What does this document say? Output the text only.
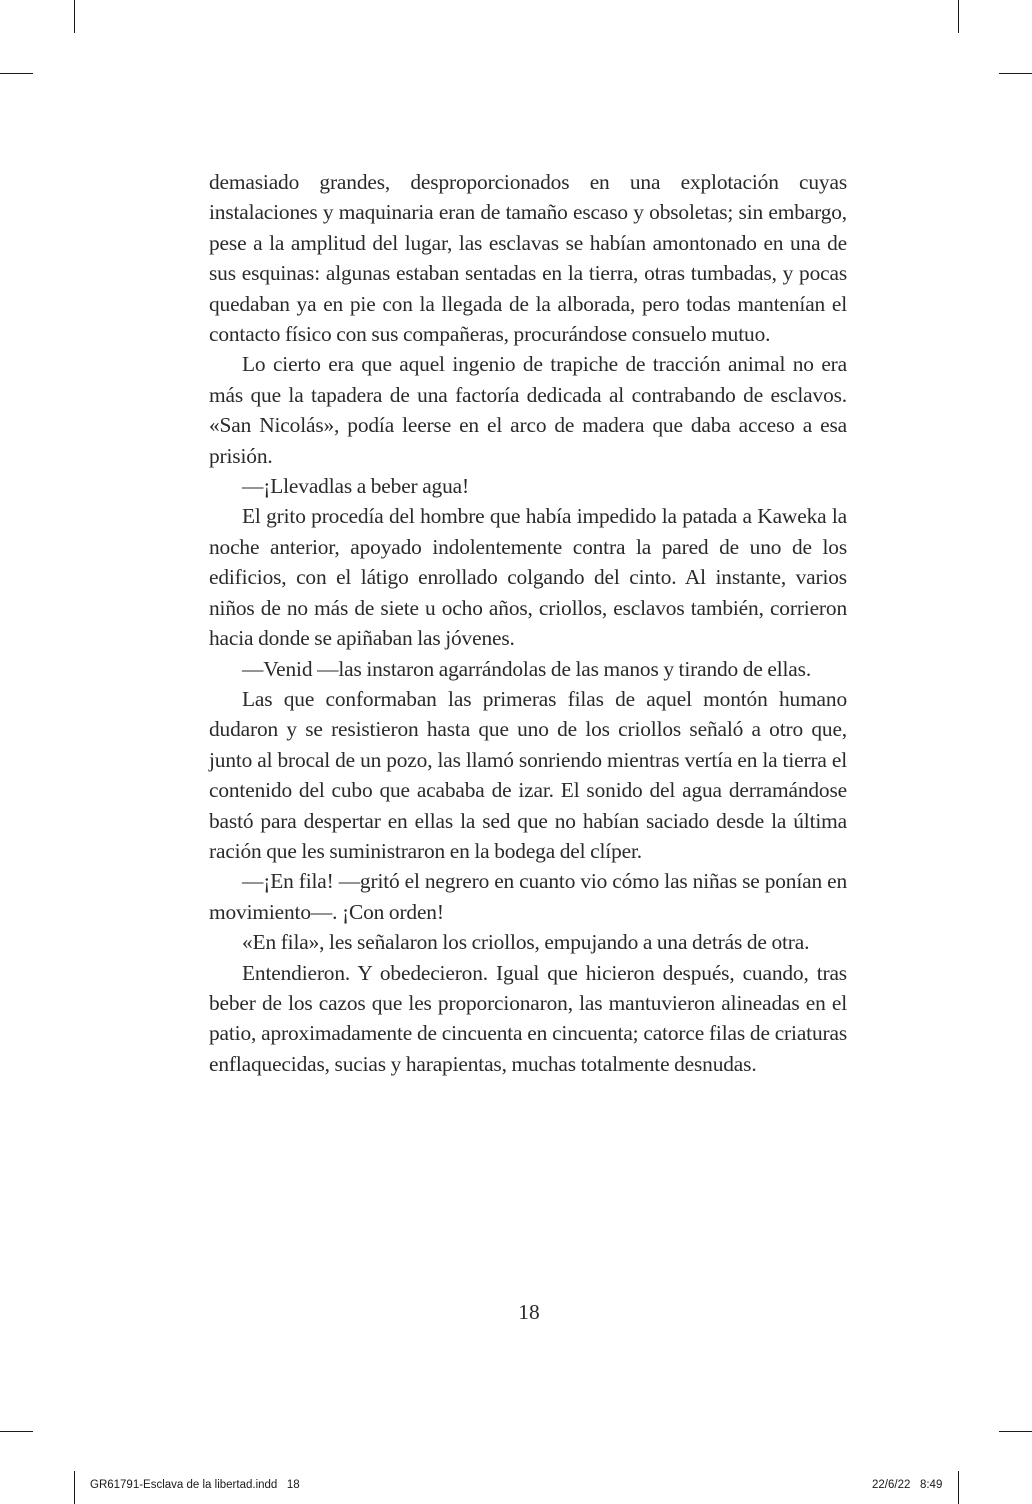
demasiado grandes, desproporcionados en una explotación cuyas instalaciones y maquinaria eran de tamaño escaso y obsoletas; sin embargo, pese a la amplitud del lugar, las esclavas se habían amontonado en una de sus esquinas: algunas estaban sentadas en la tierra, otras tumbadas, y pocas quedaban ya en pie con la llegada de la alborada, pero todas mantenían el contacto físico con sus compañeras, procurándose consuelo mutuo.

Lo cierto era que aquel ingenio de trapiche de tracción animal no era más que la tapadera de una factoría dedicada al contrabando de esclavos. «San Nicolás», podía leerse en el arco de madera que daba acceso a esa prisión.

—¡Llevadlas a beber agua!

El grito procedía del hombre que había impedido la patada a Kaweka la noche anterior, apoyado indolentemente contra la pared de uno de los edificios, con el látigo enrollado colgando del cinto. Al instante, varios niños de no más de siete u ocho años, criollos, esclavos también, corrieron hacia donde se apiñaban las jóvenes.

—Venid —las instaron agarrándolas de las manos y tirando de ellas.

Las que conformaban las primeras filas de aquel montón humano dudaron y se resistieron hasta que uno de los criollos señaló a otro que, junto al brocal de un pozo, las llamó sonriendo mientras vertía en la tierra el contenido del cubo que acababa de izar. El sonido del agua derramándose bastó para despertar en ellas la sed que no habían saciado desde la última ración que les suministraron en la bodega del clíper.

—¡En fila! —gritó el negrero en cuanto vio cómo las niñas se ponían en movimiento—. ¡Con orden!

«En fila», les señalaron los criollos, empujando a una detrás de otra.

Entendieron. Y obedecieron. Igual que hicieron después, cuando, tras beber de los cazos que les proporcionaron, las mantuvieron alineadas en el patio, aproximadamente de cincuenta en cincuenta; catorce filas de criaturas enflaquecidas, sucias y harapientas, muchas totalmente desnudas.

18
GR61791-Esclava de la libertad.indd   18	22/6/22   8:49
